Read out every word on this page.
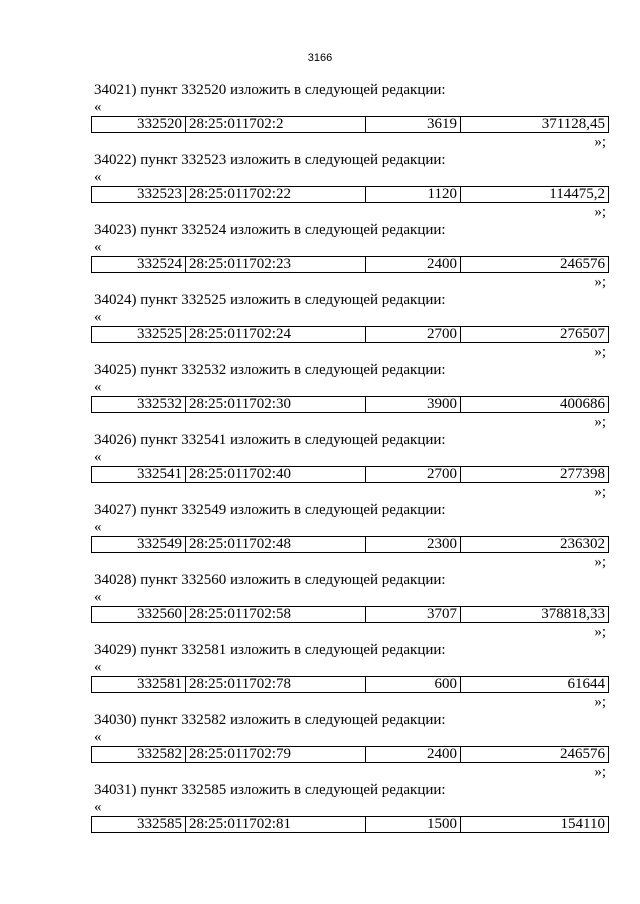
3166
34021) пункт 332520 изложить в следующей редакции:
«
332520 28:25:011702:2	3619	371128,45
»;
34022) пункт 332523 изложить в следующей редакции:
«
332523 28:25:011702:22	1120	114475,2
»;
34023) пункт 332524 изложить в следующей редакции:
«
332524 28:25:011702:23	2400	246576
»;
34024) пункт 332525 изложить в следующей редакции:
«
332525 28:25:011702:24	2700	276507
»;
34025) пункт 332532 изложить в следующей редакции:
«
332532 28:25:011702:30	3900	400686
»;
34026) пункт 332541 изложить в следующей редакции:
«
332541 28:25:011702:40	2700	277398
»;
34027) пункт 332549 изложить в следующей редакции:
«
332549 28:25:011702:48	2300	236302
»;
34028) пункт 332560 изложить в следующей редакции:
«
332560 28:25:011702:58	3707	378818,33
»;
34029) пункт 332581 изложить в следующей редакции:
«
332581 28:25:011702:78	600	61644
»;
34030) пункт 332582 изложить в следующей редакции:
«
332582 28:25:011702:79	2400	246576
»;
34031) пункт 332585 изложить в следующей редакции:
«
332585 28:25:011702:81	1500	154110
